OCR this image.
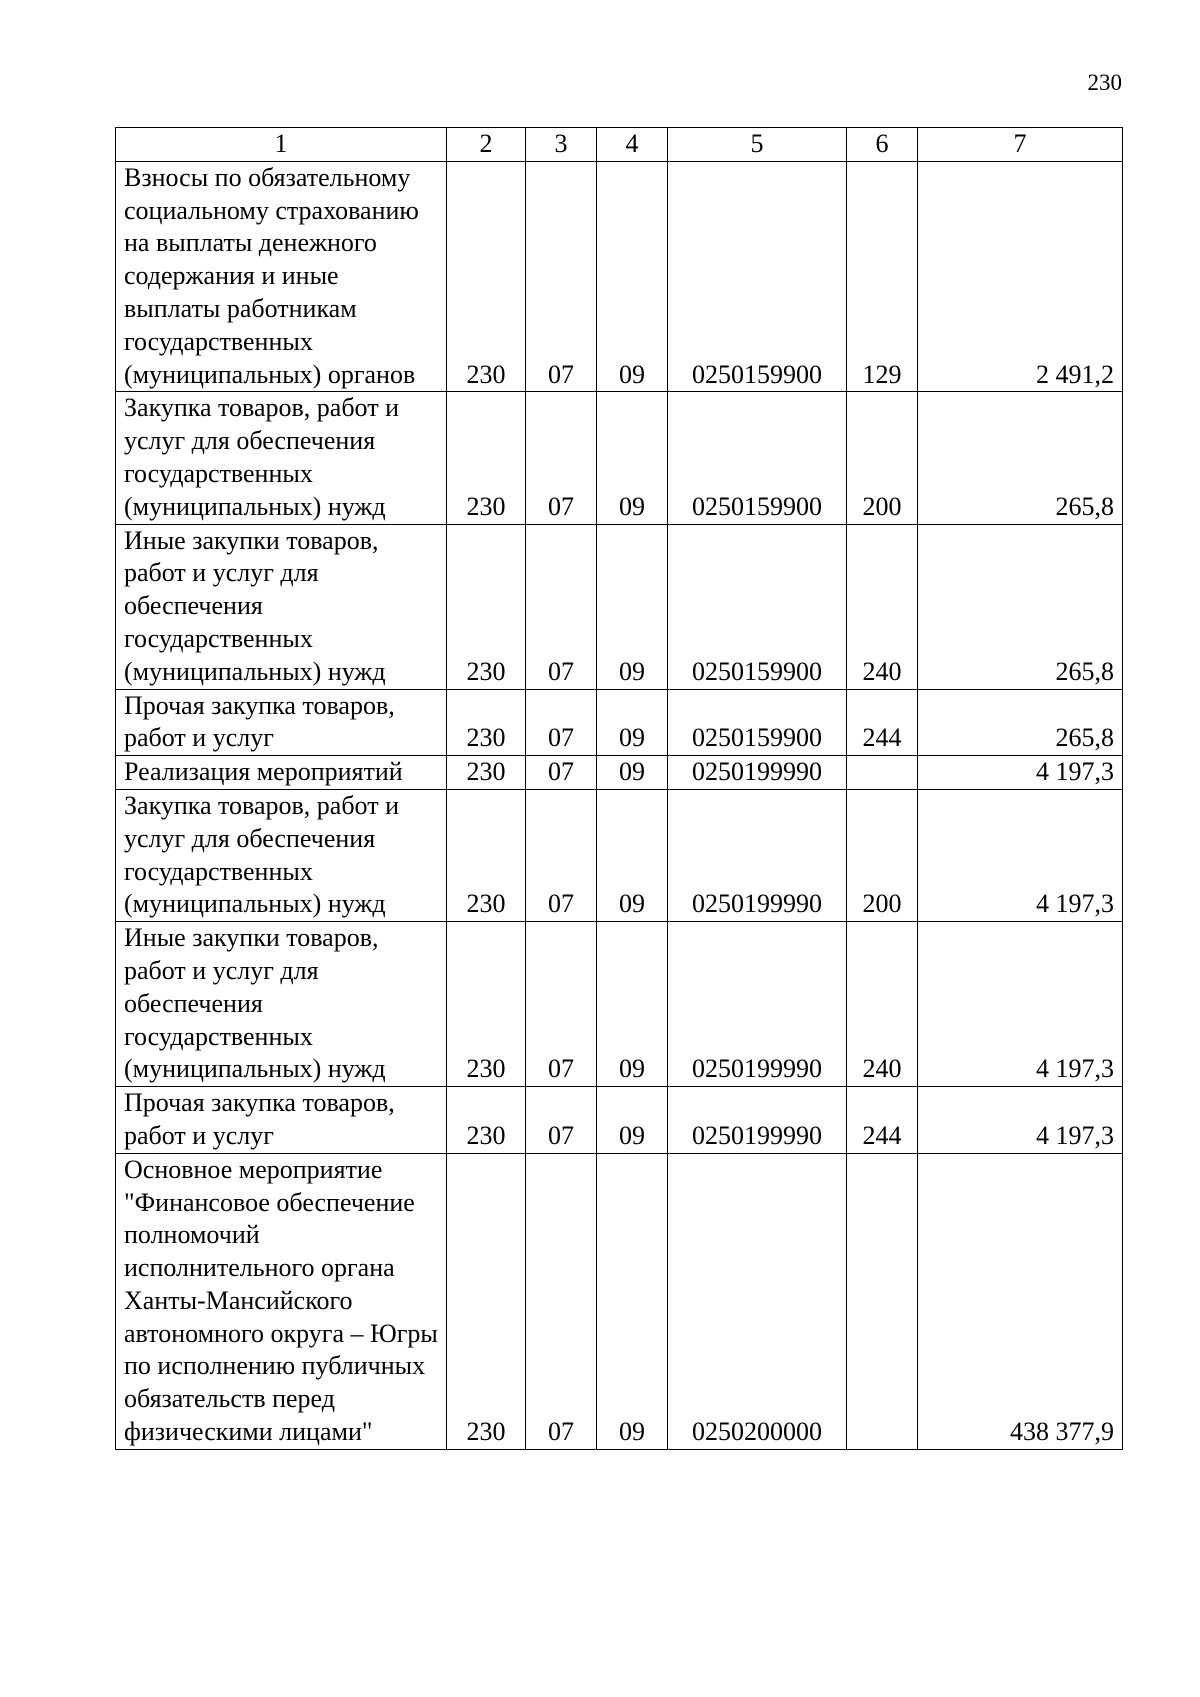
230
1	2	3	4	5	6	7
Взносы по обязательному социальному страхованию на выплаты денежного содержания и иные выплаты работникам государственных (муниципальных) органов	230	07	09	0250159900	129	2 491,2
Закупка товаров, работ и услуг для обеспечения государственных (муниципальных) нужд	230	07	09	0250159900	200	265,8
Иные закупки товаров, работ и услуг для обеспечения государственных (муниципальных) нужд	230	07	09	0250159900	240	265,8
Прочая закупка товаров, работ и услуг	230	07	09	0250159900	244	265,8
Реализация мероприятий	230	07	09	0250199990		4 197,3
Закупка товаров, работ и услуг для обеспечения государственных (муниципальных) нужд	230	07	09	0250199990	200	4 197,3
Иные закупки товаров, работ и услуг для обеспечения государственных (муниципальных) нужд	230	07	09	0250199990	240	4 197,3
Прочая закупка товаров, работ и услуг	230	07	09	0250199990	244	4 197,3
Основное мероприятие "Финансовое обеспечение полномочий исполнительного органа Ханты-Мансийского автономного округа – Югры по исполнению публичных обязательств перед физическими лицами"	230	07	09	0250200000		438 377,9
